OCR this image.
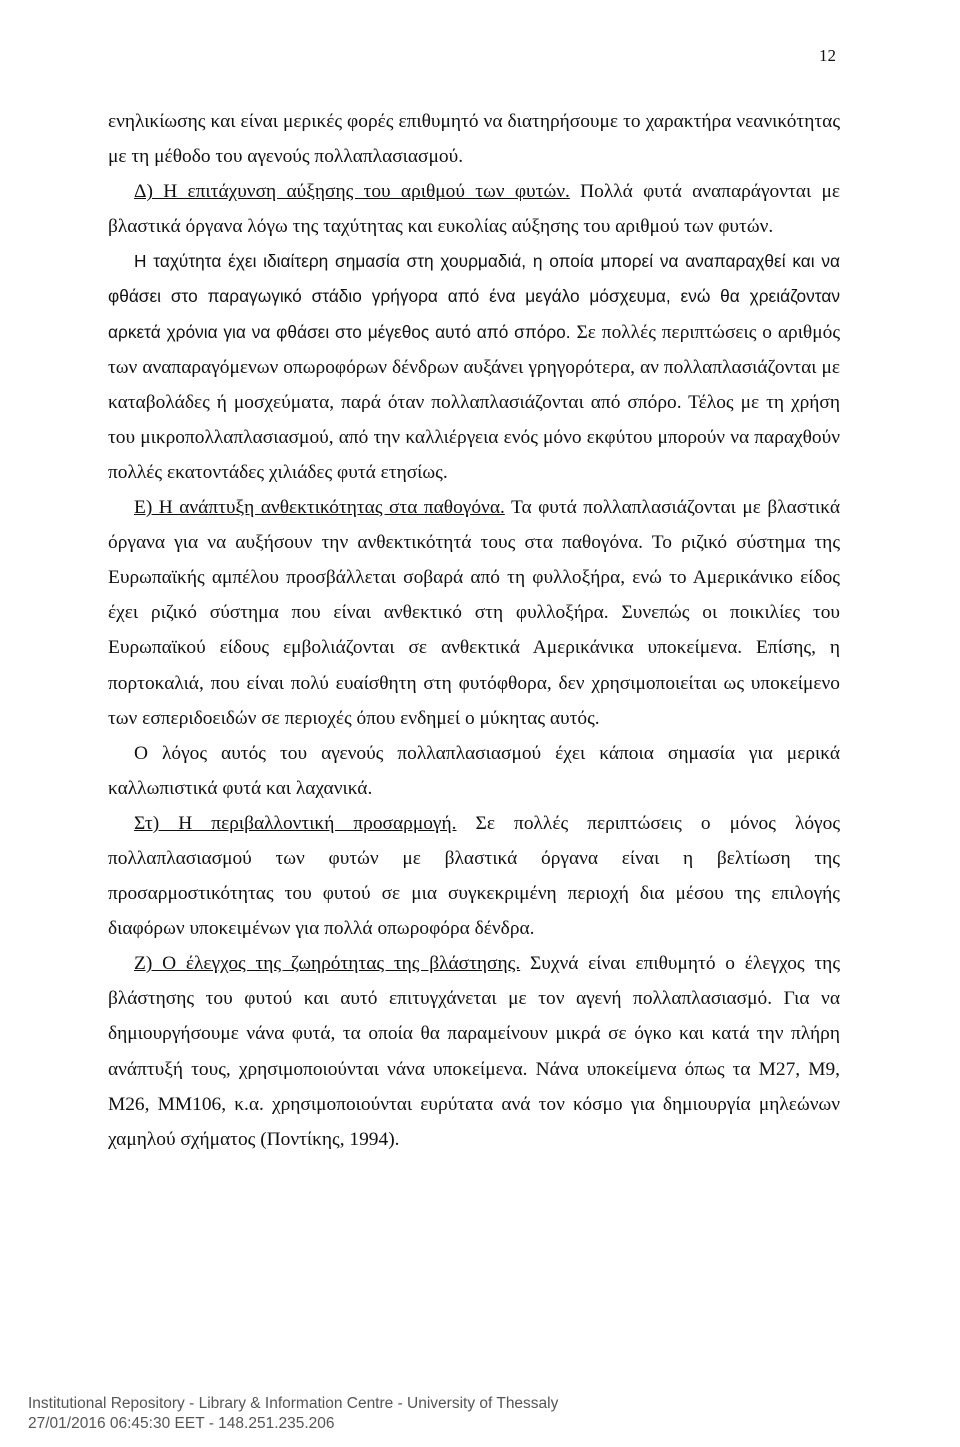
12

ενηλικίωσης και είναι μερικές φορές επιθυμητό να διατηρήσουμε το χαρακτήρα νεανικότητας με τη μέθοδο του αγενούς πολλαπλασιασμού.

Δ) Η επιτάχυνση αύξησης του αριθμού των φυτών. Πολλά φυτά αναπαράγονται με βλαστικά όργανα λόγω της ταχύτητας και ευκολίας αύξησης του αριθμού των φυτών.

Η ταχύτητα έχει ιδιαίτερη σημασία στη χουρμαδιά, η οποία μπορεί να αναπαραχθεί και να φθάσει στο παραγωγικό στάδιο γρήγορα από ένα μεγάλο μόσχευμα, ενώ θα χρειάζονταν αρκετά χρόνια για να φθάσει στο μέγεθος αυτό από σπόρο. Σε πολλές περιπτώσεις ο αριθμός των αναπαραγόμενων οπωροφόρων δένδρων αυξάνει γρηγορότερα, αν πολλαπλασιάζονται με καταβολάδες ή μοσχεύματα, παρά όταν πολλαπλασιάζονται από σπόρο. Τέλος με τη χρήση του μικροπολλαπλασιασμού, από την καλλιέργεια ενός μόνο εκφύτου μπορούν να παραχθούν πολλές εκατοντάδες χιλιάδες φυτά ετησίως.

Ε) Η ανάπτυξη ανθεκτικότητας στα παθογόνα. Τα φυτά πολλαπλασιάζονται με βλαστικά όργανα για να αυξήσουν την ανθεκτικότητά τους στα παθογόνα. Το ριζικό σύστημα της Ευρωπαϊκής αμπέλου προσβάλλεται σοβαρά από τη φυλλοξήρα, ενώ το Αμερικάνικο είδος έχει ριζικό σύστημα που είναι ανθεκτικό στη φυλλοξήρα. Συνεπώς οι ποικιλίες του Ευρωπαϊκού είδους εμβολιάζονται σε ανθεκτικά Αμερικάνικα υποκείμενα. Επίσης, η πορτοκαλιά, που είναι πολύ ευαίσθητη στη φυτόφθορα, δεν χρησιμοποιείται ως υποκείμενο των εσπεριδοειδών σε περιοχές όπου ενδημεί ο μύκητας αυτός.

Ο λόγος αυτός του αγενούς πολλαπλασιασμού έχει κάποια σημασία για μερικά καλλωπιστικά φυτά και λαχανικά.

Στ) Η περιβαλλοντική προσαρμογή. Σε πολλές περιπτώσεις ο μόνος λόγος πολλαπλασιασμού των φυτών με βλαστικά όργανα είναι η βελτίωση της προσαρμοστικότητας του φυτού σε μια συγκεκριμένη περιοχή δια μέσου της επιλογής διαφόρων υποκειμένων για πολλά οπωροφόρα δένδρα.

Ζ) Ο έλεγχος της ζωηρότητας της βλάστησης. Συχνά είναι επιθυμητό ο έλεγχος της βλάστησης του φυτού και αυτό επιτυγχάνεται με τον αγενή πολλαπλασιασμό. Για να δημιουργήσουμε νάνα φυτά, τα οποία θα παραμείνουν μικρά σε όγκο και κατά την πλήρη ανάπτυξή τους, χρησιμοποιούνται νάνα υποκείμενα. Νάνα υποκείμενα όπως τα Μ27, Μ9, Μ26, ΜΜ106, κ.α. χρησιμοποιούνται ευρύτατα ανά τον κόσμο για δημιουργία μηλεώνων χαμηλού σχήματος (Ποντίκης, 1994).

Institutional Repository - Library & Information Centre - University of Thessaly
27/01/2016 06:45:30 EET - 148.251.235.206
